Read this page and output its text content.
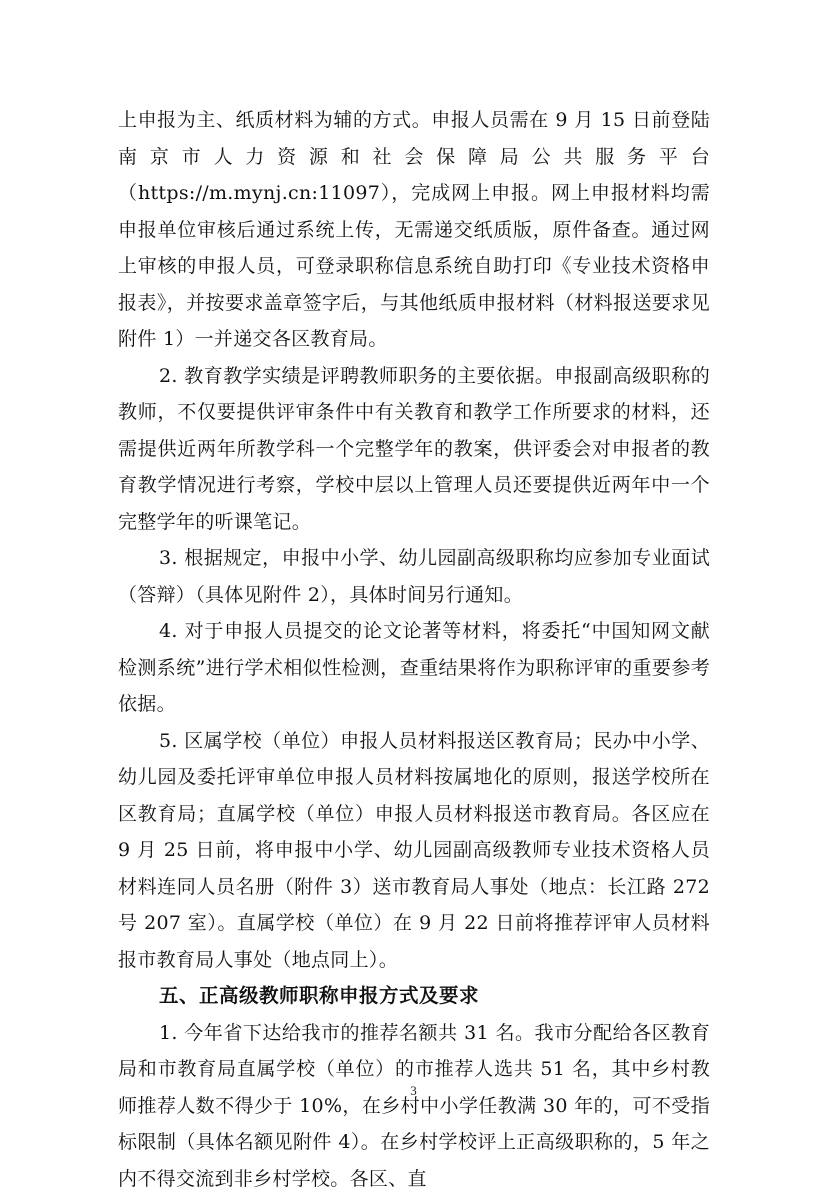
上申报为主、纸质材料为辅的方式。申报人员需在 9 月 15 日前登陆南京市人力资源和社会保障局公共服务平台（https://m.mynj.cn:11097），完成网上申报。网上申报材料均需申报单位审核后通过系统上传，无需递交纸质版，原件备查。通过网上审核的申报人员，可登录职称信息系统自助打印《专业技术资格申报表》，并按要求盖章签字后，与其他纸质申报材料（材料报送要求见附件 1）一并递交各区教育局。

2. 教育教学实绩是评聘教师职务的主要依据。申报副高级职称的教师，不仅要提供评审条件中有关教育和教学工作所要求的材料，还需提供近两年所教学科一个完整学年的教案，供评委会对申报者的教育教学情况进行考察，学校中层以上管理人员还要提供近两年中一个完整学年的听课笔记。

3. 根据规定，申报中小学、幼儿园副高级职称均应参加专业面试（答辩）（具体见附件 2），具体时间另行通知。

4. 对于申报人员提交的论文论著等材料，将委托“中国知网文献检测系统”进行学术相似性检测，查重结果将作为职称评审的重要参考依据。

5. 区属学校（单位）申报人员材料报送区教育局；民办中小学、幼儿园及委托评审单位申报人员材料按属地化的原则，报送学校所在区教育局；直属学校（单位）申报人员材料报送市教育局。各区应在 9 月 25 日前，将申报中小学、幼儿园副高级教师专业技术资格人员材料连同人员名册（附件 3）送市教育局人事处（地点：长江路 272 号 207 室）。直属学校（单位）在 9 月 22 日前将推荐评审人员材料报市教育局人事处（地点同上）。

五、正高级教师职称申报方式及要求

1. 今年省下达给我市的推荐名额共 31 名。我市分配给各区教育局和市教育局直属学校（单位）的市推荐人选共 51 名，其中乡村教师推荐人数不得少于 10%，在乡村中小学任教满 30 年的，可不受指标限制（具体名额见附件 4）。在乡村学校评上正高级职称的，5 年之内不得交流到非乡村学校。各区、直

3
